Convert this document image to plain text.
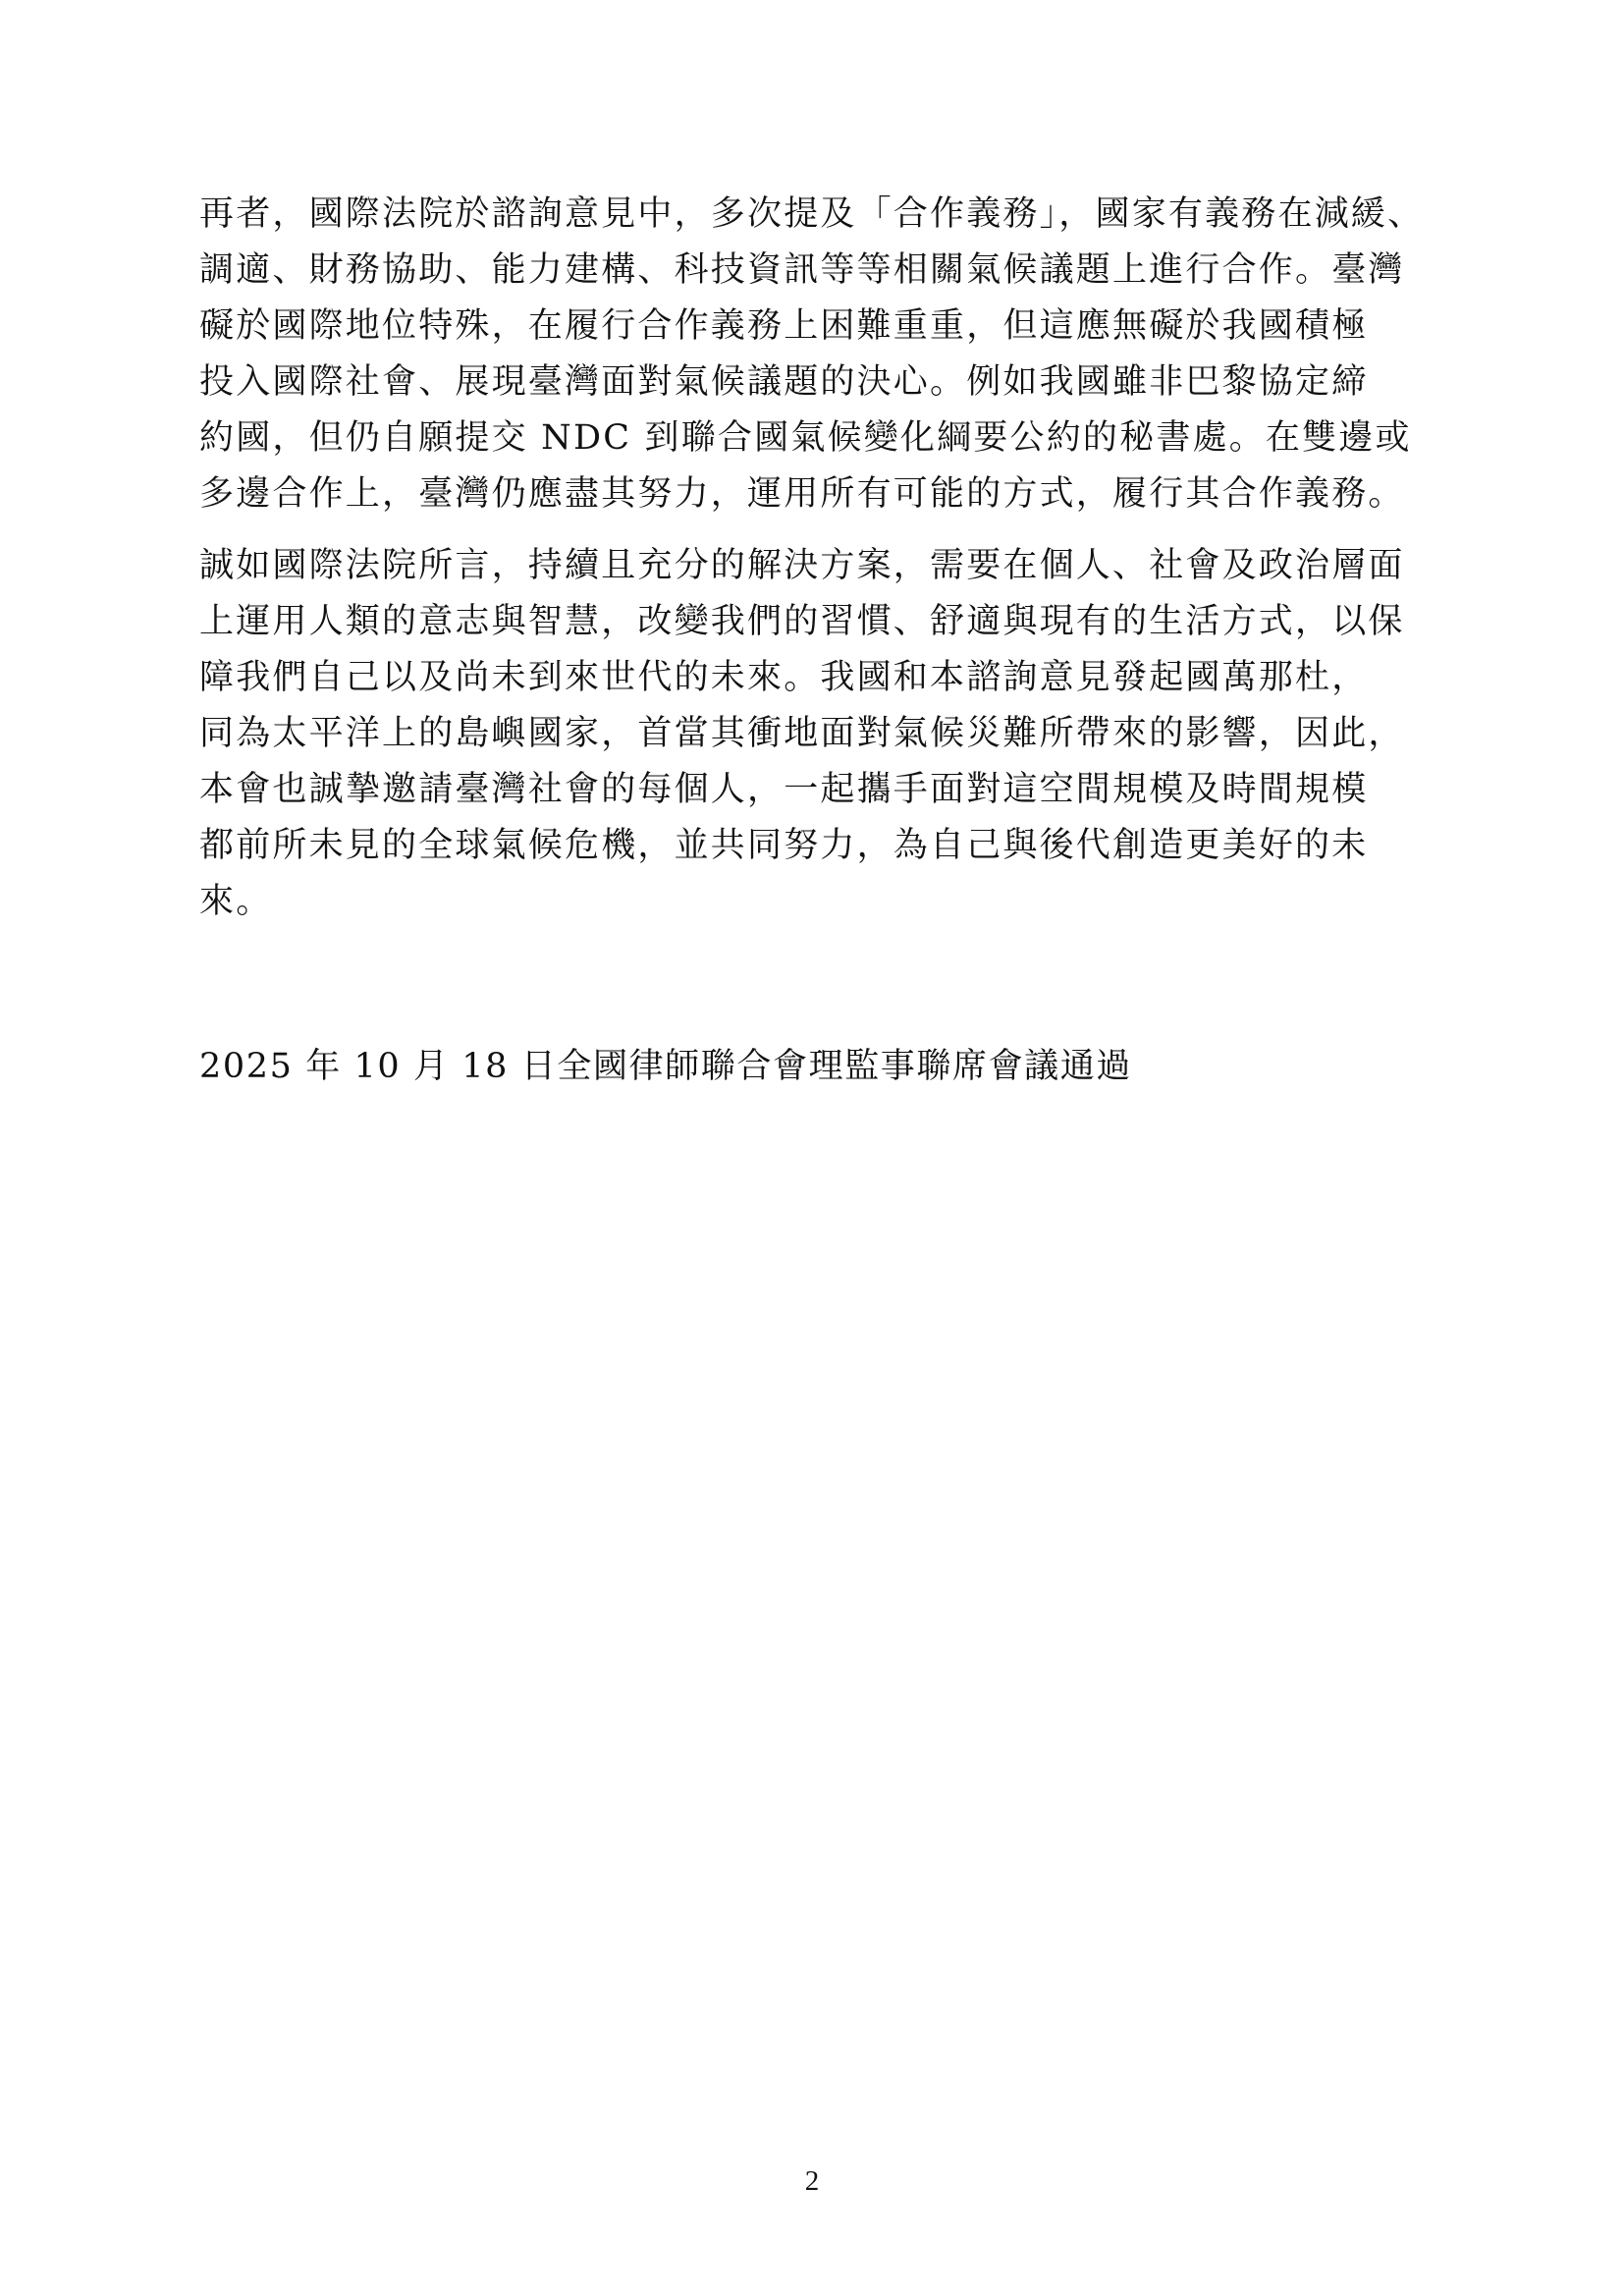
再者，國際法院於諮詢意見中，多次提及「合作義務」，國家有義務在減緩、
調適、財務協助、能力建構、科技資訊等等相關氣候議題上進行合作。臺灣
礙於國際地位特殊，在履行合作義務上困難重重，但這應無礙於我國積極
投入國際社會、展現臺灣面對氣候議題的決心。例如我國雖非巴黎協定締
約國，但仍自願提交 NDC 到聯合國氣候變化綱要公約的秘書處。在雙邊或
多邊合作上，臺灣仍應盡其努力，運用所有可能的方式，履行其合作義務。
誠如國際法院所言，持續且充分的解決方案，需要在個人、社會及政治層面
上運用人類的意志與智慧，改變我們的習慣、舒適與現有的生活方式，以保
障我們自己以及尚未到來世代的未來。我國和本諮詢意見發起國萬那杜，
同為太平洋上的島嶼國家，首當其衝地面對氣候災難所帶來的影響，因此，
本會也誠摯邀請臺灣社會的每個人，一起攜手面對這空間規模及時間規模
都前所未見的全球氣候危機，並共同努力，為自己與後代創造更美好的未
來。
2025 年 10 月 18 日全國律師聯合會理監事聯席會議通過
2
